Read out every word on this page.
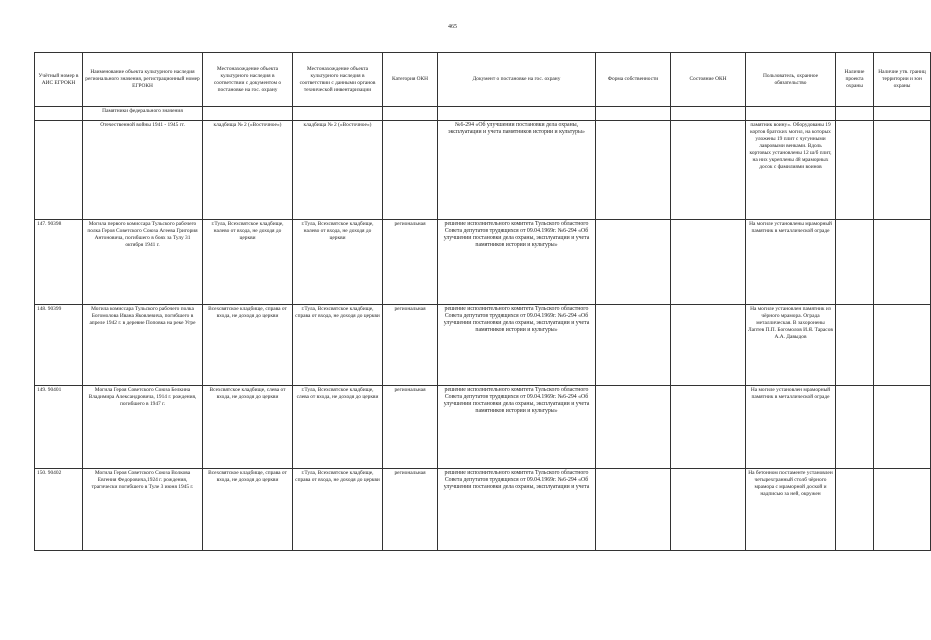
465
Учётный номер в АИС ЕГРОКН	Наименование объекта культурного наследия регионального значения, регистрационный номер ЕГРОКН	Местонахождение объекта культурного наследия в соответствии с документом о постановке на гос. охрану	Местонахождение объекта культурного наследия в соответствии с данными органов технической инвентаризации	Категория ОКН	Документ о постановке на гос. охрану	Форма собственности	Состояние ОКН	Пользователь, охранное обязательство	Наличие проекта охраны	Наличие утв. границ территории и зон охраны
	Памятники федерального значения									
	Отечественной войны 1941 - 1945 гг.	кладбища № 2 («Восточное»)	кладбища № 2 («Восточное»)		№6-294 «Об улучшении постановки дела охраны, эксплуатации и учета памятников истории и культуры»			памятник воину». Оборудованы 19 кортов братских могил, на которых уложены 19 плит с чугунными лавровыми венками. Вдоль кортовых установлены 12 ш/б плит, на них укреплены 48 мраморных досок с фамилиями воинов		
147. 90398	Могила первого комиссара Тульского рабочего полка Героя Советского Союза Агеева Григория Антоновича, погибшего в боях за Тулу 31 октября 1941 г.	г.Тула, Всехсвятское кладбище, налево от входа, не доходя до церкви	г.Тула, Всехсвятское кладбище, налево от входа, не доходя до церкви	региональная	решение исполнительного комитета Тульского областного Совета депутатов трудящихся от 09.04.1969г. №6-294 «Об улучшении постановки дела охраны, эксплуатации и учета памятников истории и культуры»			На могиле установлены мраморный памятник в металлической ограде		
148. 90399	Могила комиссара Тульского рабочего полка Богомолова Ивана Яковлевича, погибшего в апреле 1942 г. в деревне Поповка на реке Угре	Всехсвятское кладбище, справа от входа, не доходя до церкви	г.Тула, Всехсвятское кладбище, справа от входа, не доходя до церкви	региональная	решение исполнительного комитета Тульского областного Совета депутатов трудящихся от 09.04.1969г. №6-294 «Об улучшении постановки дела охраны, эксплуатации и учета памятников истории и культуры»			На могиле установлен памятник из чёрного мрамора. Ограда металлическая. В захоронены Лаптев П.П. Богомолов И.Я. Тарасов А.А. Давыдов		
149. 90401	Могила Героя Советского Союза Белкина Владимира Александровича, 1914 г. рождения, погибшего в 1947 г.	Всехсвятское кладбище, слева от входа, не доходя до церкви	г.Тула, Всехсвятское кладбище, слева от входа, не доходя до церкви	региональная	решение исполнительного комитета Тульского областного Совета депутатов трудящихся от 09.04.1969г. №6-294 «Об улучшении постановки дела охраны, эксплуатации и учета памятников истории и культуры»			На могиле установлен мраморный памятник в металлической ограде		
150. 90402	Могила Героя Советского Союза Волкова Евгения Федоровича,1924 г. рождения, трагически погибшего в Туле 3 июня 1945 г.	Всехсвятское кладбище, справа от входа, не доходя до церкви	г.Тула, Всехсвятское кладбище, справа от входа, не доходя до церкви	региональная	решение исполнительного комитета Тульского областного Совета депутатов трудящихся от 09.04.1969г. №6-294 «Об улучшении постановки дела охраны, эксплуатации и учета			На бетонном постаменте установлен четырехгранный столб чёрного мрамора с мраморной доской и надписью за ней, окружен		
